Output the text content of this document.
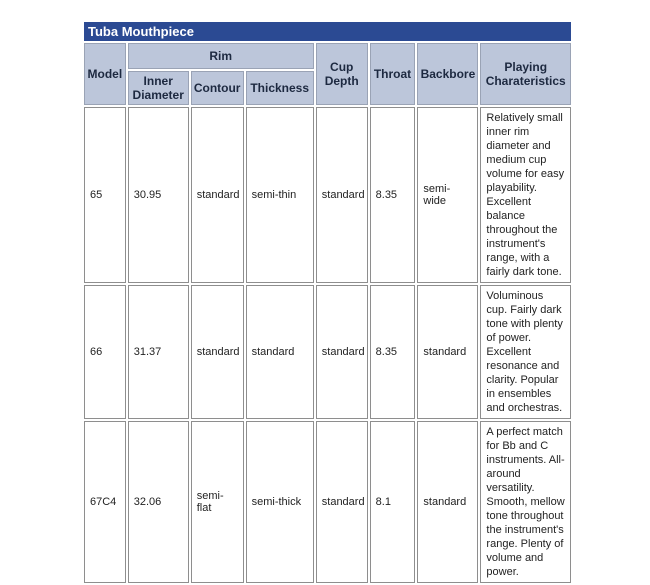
Tuba Mouthpiece
Model	Rim			Cup Depth	Throat	Backbore	Playing Charateristics
	Inner Diameter	Contour	Thickness				
65	30.95	standard	semi-thin	standard	8.35	semi-wide	Relatively small inner rim diameter and medium cup volume for easy playability. Excellent balance throughout the instrument's range, with a fairly dark tone.
66	31.37	standard	standard	standard	8.35	standard	Voluminous cup. Fairly dark tone with plenty of power. Excellent resonance and clarity. Popular in ensembles and orchestras.
67C4	32.06	semi-flat	semi-thick	standard	8.1	standard	A perfect match for Bb and C instruments. All-around versatility. Smooth, mellow tone throughout the instrument's range. Plenty of volume and power.
